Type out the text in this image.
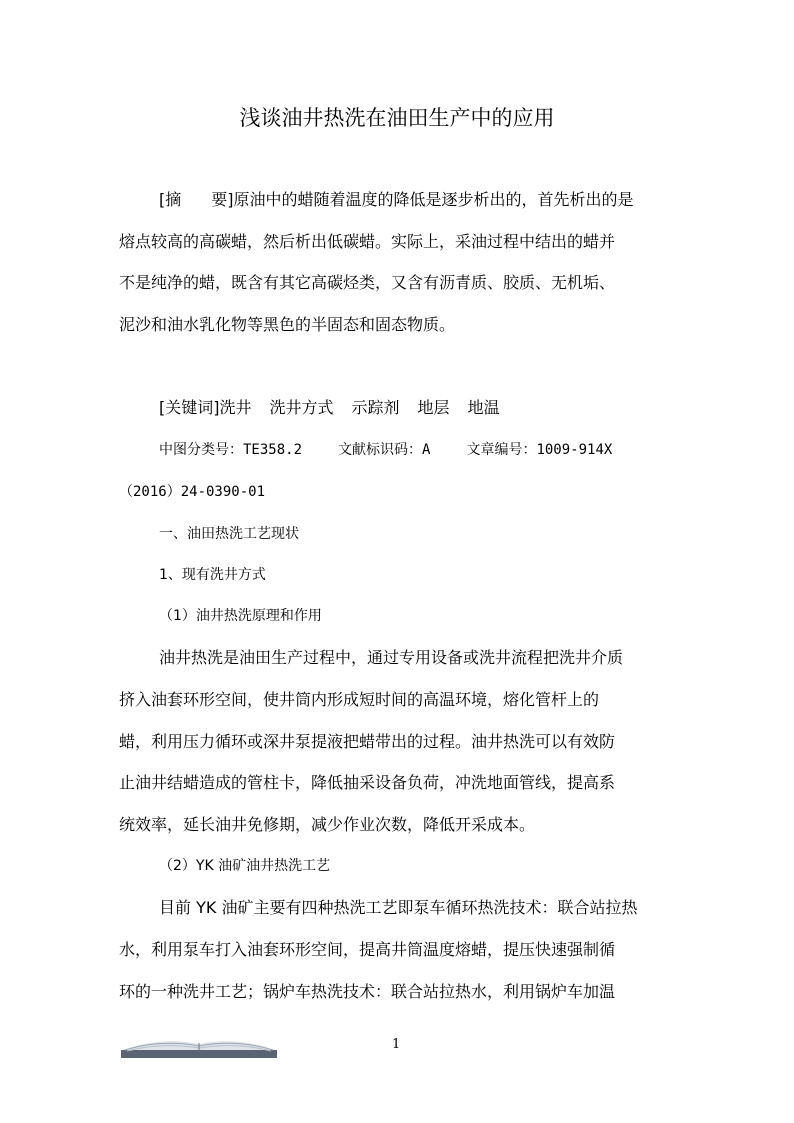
浅谈油井热洗在油田生产中的应用
[摘 要]原油中的蜡随着温度的降低是逐步析出的，首先析出的是
熔点较高的高碳蜡，然后析出低碳蜡。实际上，采油过程中结出的蜡并
不是纯净的蜡，既含有其它高碳烃类，又含有沥青质、胶质、无机垢、
泥沙和油水乳化物等黑色的半固态和固态物质。
[关键词]洗井 洗井方式 示踪剂 地层 地温
中图分类号：TE358.2	文献标识码：A	文章编号：1009-914X
（2016）24-0390-01
一、油田热洗工艺现状
1、现有洗井方式
（1）油井热洗原理和作用
油井热洗是油田生产过程中，通过专用设备或洗井流程把洗井介质
挤入油套环形空间，使井筒内形成短时间的高温环境，熔化管杆上的
蜡，利用压力循环或深井泵提液把蜡带出的过程。油井热洗可以有效防
止油井结蜡造成的管柱卡，降低抽采设备负荷，冲洗地面管线，提高系
统效率，延长油井免修期，减少作业次数，降低开采成本。
（2）YK 油矿油井热洗工艺
目前 YK 油矿主要有四种热洗工艺即泵车循环热洗技术：联合站拉热
水，利用泵车打入油套环形空间，提高井筒温度熔蜡，提压快速强制循
环的一种洗井工艺；锅炉车热洗技术：联合站拉热水，利用锅炉车加温
1
